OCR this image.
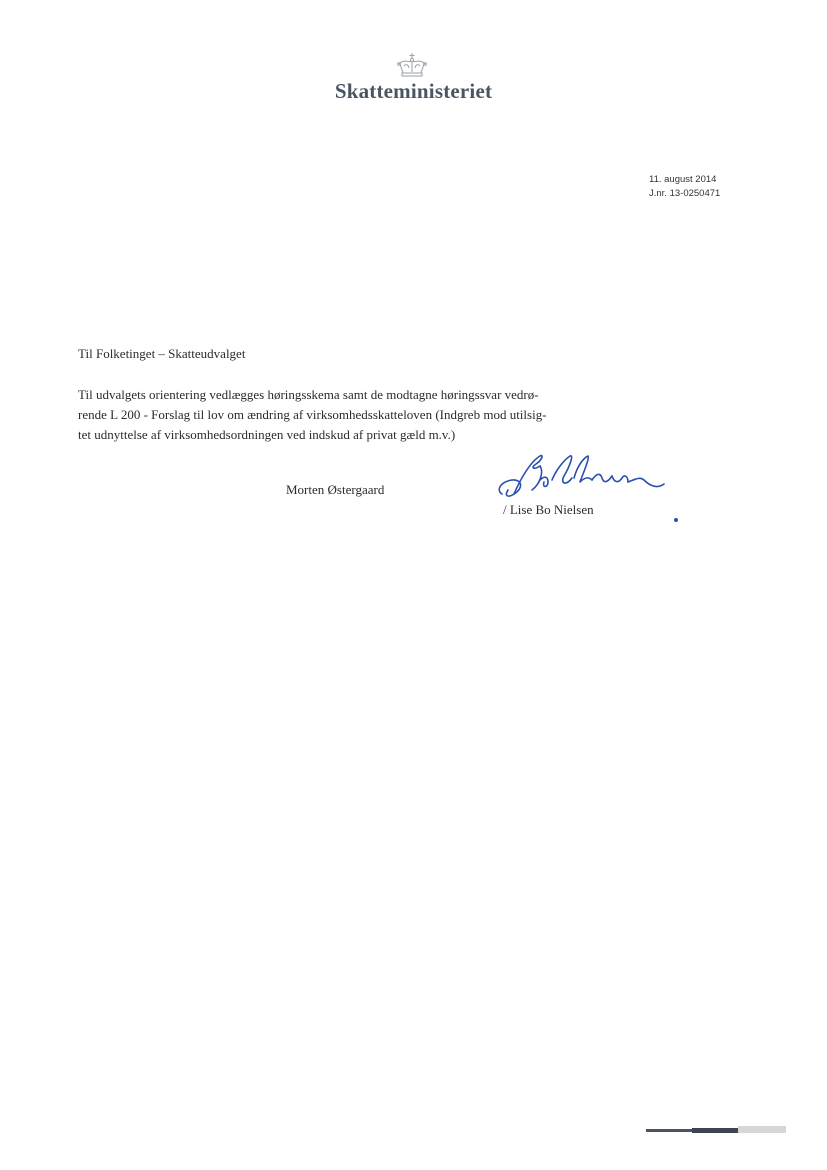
Skatteministeriet
11. august 2014
J.nr. 13-0250471
Til Folketinget – Skatteudvalget
Til udvalgets orientering vedlægges høringsskema samt de modtagne høringssvar vedrø-
rende L 200 - Forslag til lov om ændring af virksomhedsskatteloven (Indgreb mod utilsig-
tet udnyttelse af virksomhedsordningen ved indskud af privat gæld m.v.)
Morten Østergaard
/ Lise Bo Nielsen
